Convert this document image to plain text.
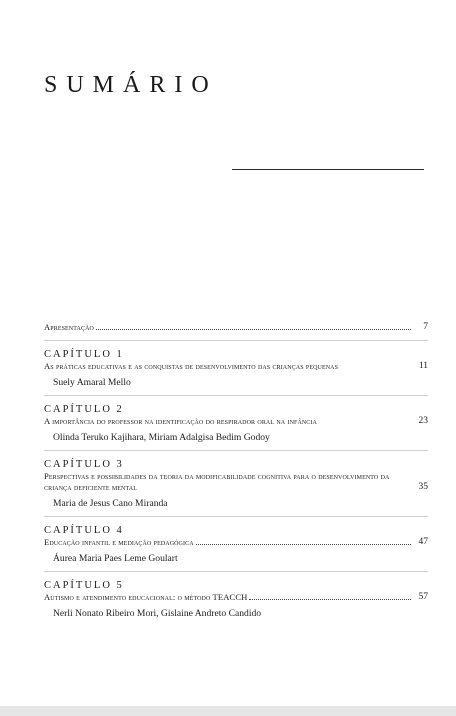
SUMÁRIO
Apresentação	7
CAPÍTULO 1
As práticas educativas e as conquistas de desenvolvimento das crianças pequenas	11
Suely Amaral Mello
CAPÍTULO 2
A importância do professor na identificação do respirador oral na infância	23
Olinda Teruko Kajihara, Miriam Adalgisa Bedim Godoy
CAPÍTULO 3
Perspectivas e possibilidades da teoria da modificabilidade cognitiva para o desenvolvimento da criança deficiente mental	35
Maria de Jesus Cano Miranda
CAPÍTULO 4
Educação infantil e mediação pedagógica	47
Áurea Maria Paes Leme Goulart
CAPÍTULO 5
Autismo e atendimento educacional: o método TEACCH	57
Nerli Nonato Ribeiro Mori, Gislaine Andreto Candido
